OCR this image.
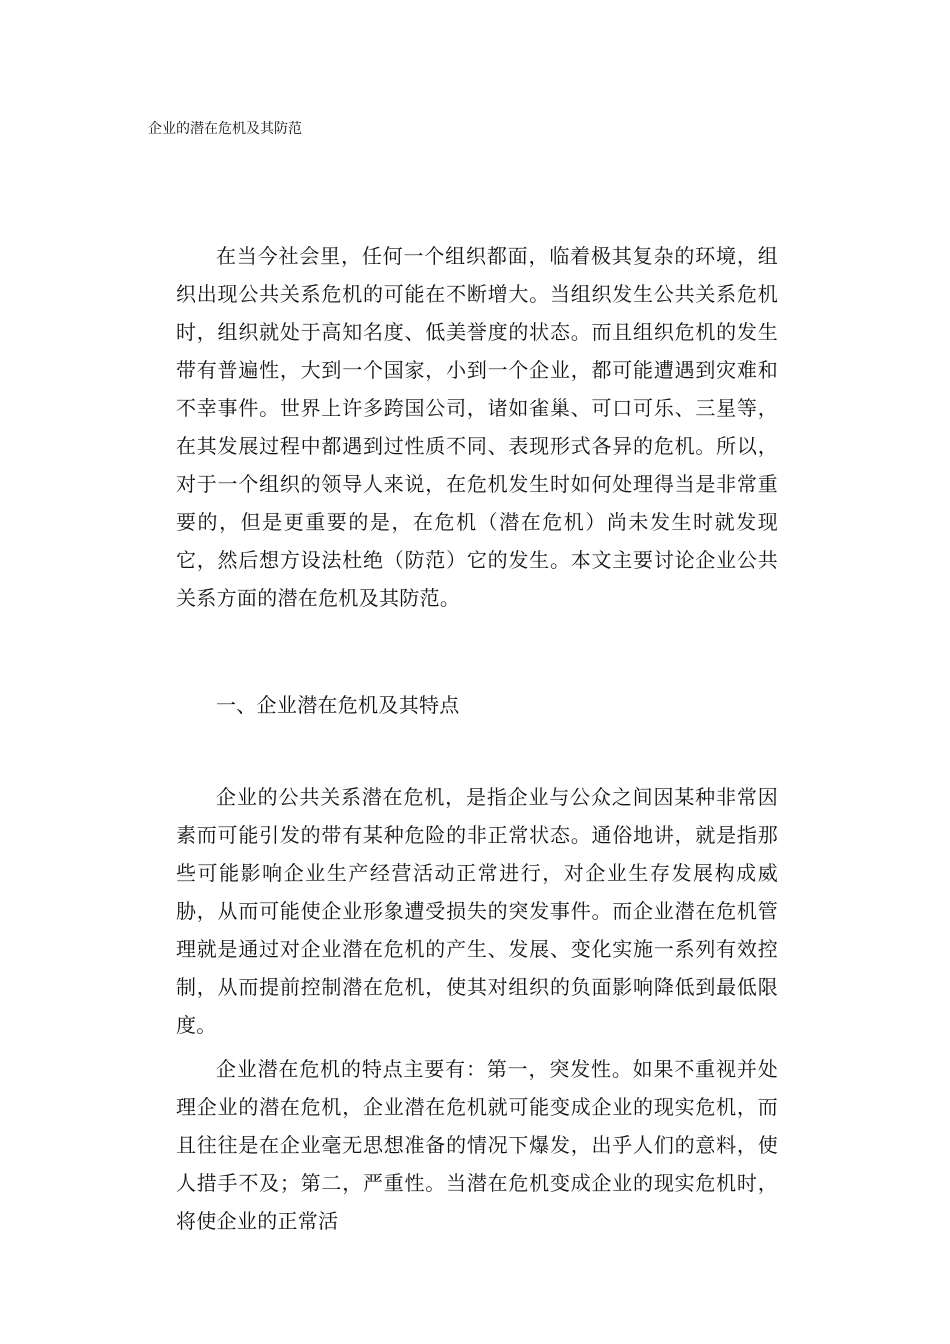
企业的潜在危机及其防范

在当今社会里，任何一个组织都面，临着极其复杂的环境，组织出现公共关系危机的可能在不断增大。当组织发生公共关系危机时，组织就处于高知名度、低美誉度的状态。而且组织危机的发生带有普遍性，大到一个国家，小到一个企业，都可能遭遇到灾难和不幸事件。世界上许多跨国公司，诸如雀巢、可口可乐、三星等，在其发展过程中都遇到过性质不同、表现形式各异的危机。所以，对于一个组织的领导人来说，在危机发生时如何处理得当是非常重要的，但是更重要的是，在危机（潜在危机）尚未发生时就发现它，然后想方设法杜绝（防范）它的发生。本文主要讨论企业公共关系方面的潜在危机及其防范。

一、企业潜在危机及其特点

企业的公共关系潜在危机，是指企业与公众之间因某种非常因素而可能引发的带有某种危险的非正常状态。通俗地讲，就是指那些可能影响企业生产经营活动正常进行，对企业生存发展构成威胁，从而可能使企业形象遭受损失的突发事件。而企业潜在危机管理就是通过对企业潜在危机的产生、发展、变化实施一系列有效控制，从而提前控制潜在危机，使其对组织的负面影响降低到最低限度。

企业潜在危机的特点主要有：第一，突发性。如果不重视并处理企业的潜在危机，企业潜在危机就可能变成企业的现实危机，而且往往是在企业毫无思想准备的情况下爆发，出乎人们的意料，使人措手不及；第二，严重性。当潜在危机变成企业的现实危机时，将使企业的正常活
